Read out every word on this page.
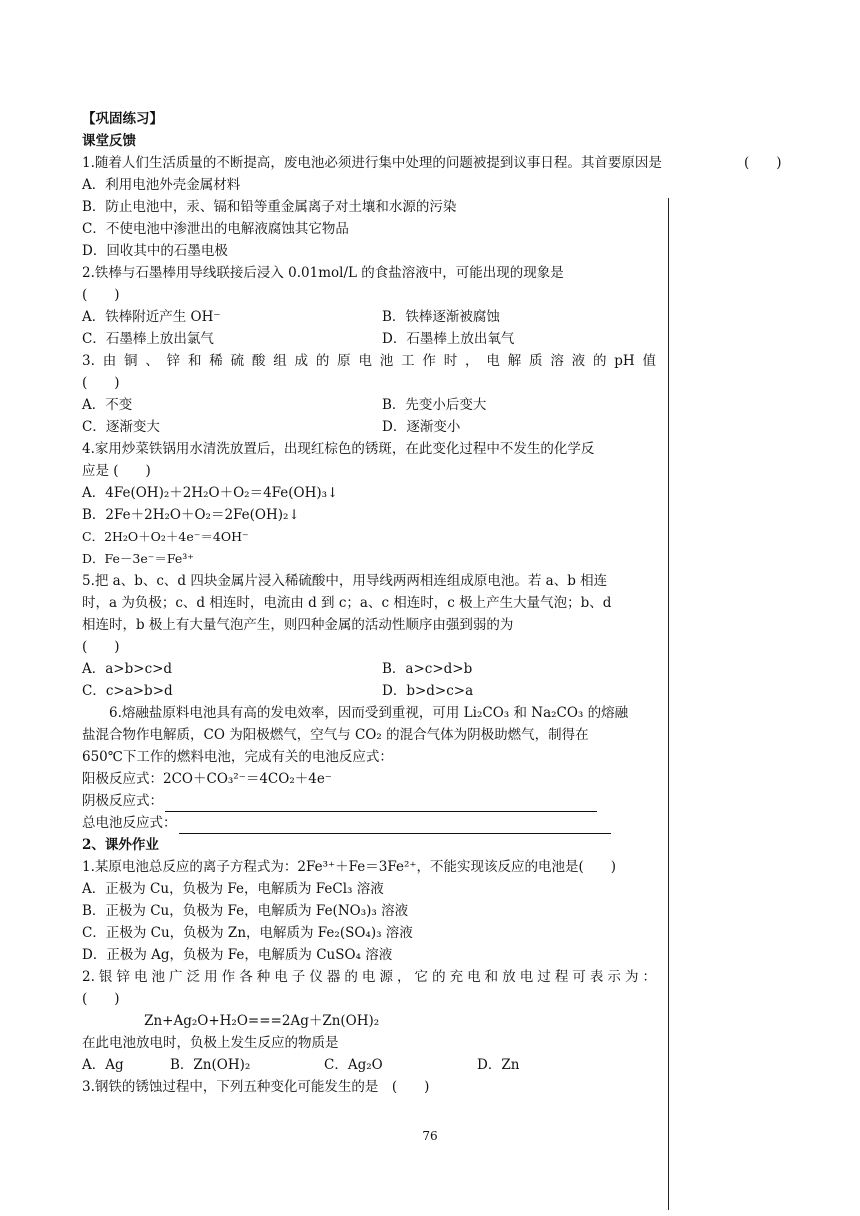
【巩固练习】
课堂反馈
1.随着人们生活质量的不断提高，废电池必须进行集中处理的问题被提到议事日程。其首要原因是	(　　)
A．利用电池外壳金属材料
B．防止电池中，汞、镉和铅等重金属离子对土壤和水源的污染
C．不使电池中渗泄出的电解液腐蚀其它物品
D．回收其中的石墨电极
2.铁棒与石墨棒用导线联接后浸入 0.01mol/L 的食盐溶液中，可能出现的现象是
(　　)
A．铁棒附近产生 OH⁻	B．铁棒逐渐被腐蚀
C．石墨棒上放出氯气	D．石墨棒上放出氧气
3.由铜、锌和稀硫酸组成的原电池工作时，电解质溶液的pH值
(　　)
A．不变	B．先变小后变大
C．逐渐变大	D．逐渐变小
4.家用炒菜铁锅用水清洗放置后，出现红棕色的锈斑，在此变化过程中不发生的化学反
应是 (　　)
A．4Fe(OH)₂＋2H₂O＋O₂＝4Fe(OH)₃↓
B．2Fe＋2H₂O＋O₂＝2Fe(OH)₂↓
C．2H₂O＋O₂＋4e⁻＝4OH⁻
D．Fe－3e⁻＝Fe³⁺
5.把 a、b、c、d 四块金属片浸入稀硫酸中，用导线两两相连组成原电池。若 a、b 相连
时，a 为负极；c、d 相连时，电流由 d 到 c；a、c 相连时，c 极上产生大量气泡；b、d
相连时，b 极上有大量气泡产生，则四种金属的活动性顺序由强到弱的为
(　　)
A．a>b>c>d	B．a>c>d>b
C．c>a>b>d	D．b>d>c>a
6.熔融盐原料电池具有高的发电效率，因而受到重视，可用 Li₂CO₃ 和 Na₂CO₃ 的熔融
盐混合物作电解质，CO 为阳极燃气，空气与 CO₂ 的混合气体为阴极助燃气，制得在
650℃下工作的燃料电池，完成有关的电池反应式：
阳极反应式：2CO＋CO₃²⁻＝4CO₂＋4e⁻
阴极反应式：
总电池反应式：
2、课外作业
1.某原电池总反应的离子方程式为：2Fe³⁺＋Fe＝3Fe²⁺，不能实现该反应的电池是(　　)
A．正极为 Cu，负极为 Fe，电解质为 FeCl₃ 溶液
B．正极为 Cu，负极为 Fe，电解质为 Fe(NO₃)₃ 溶液
C．正极为 Cu，负极为 Zn，电解质为 Fe₂(SO₄)₃ 溶液
D．正极为 Ag，负极为 Fe，电解质为 CuSO₄ 溶液
2.银锌电池广泛用作各种电子仪器的电源，它的充电和放电过程可表示为：
(　　)
Zn+Ag₂O+H₂O===2Ag＋Zn(OH)₂
在此电池放电时，负极上发生反应的物质是
A．Ag	B．Zn(OH)₂	C．Ag₂O	D．Zn
3.钢铁的锈蚀过程中，下列五种变化可能发生的是　(　　)
76
